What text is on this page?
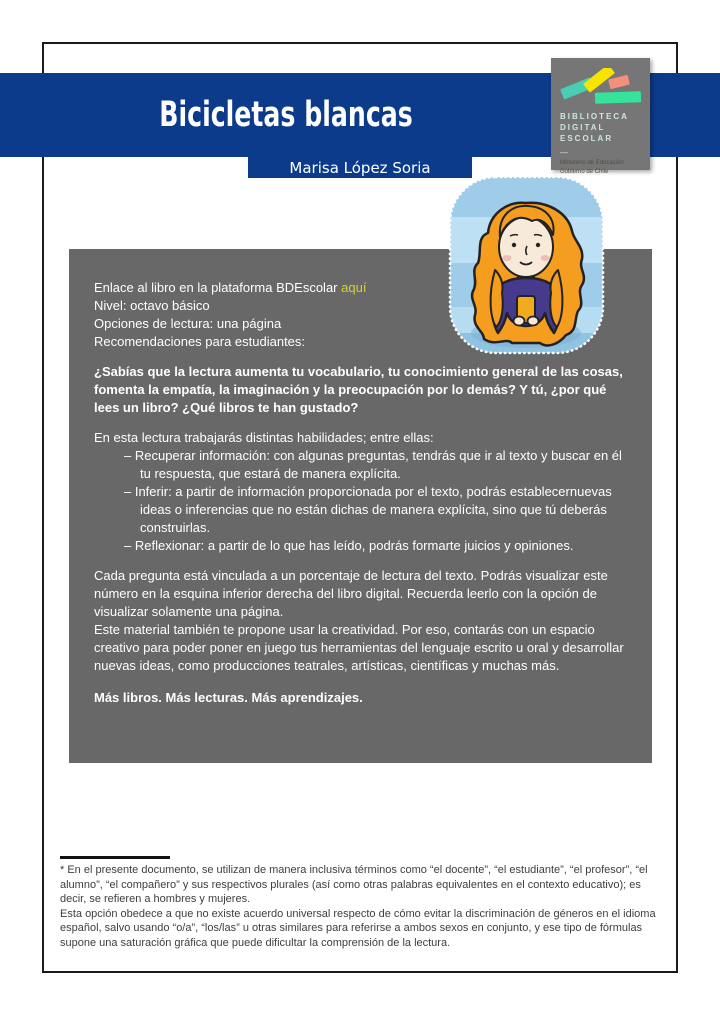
Bicicletas blancas
Marisa López Soria
BIBLIOTECA
DIGITAL
ESCOLAR
—
Ministerio de Educación
Gobierno de Chile
Enlace al libro en la plataforma BDEscolar aquí
Nivel: octavo básico
Opciones de lectura: una página
Recomendaciones para estudiantes:
¿Sabías que la lectura aumenta tu vocabulario, tu conocimiento general de las cosas, fomenta la empatía, la imaginación y la preocupación por lo demás? Y tú, ¿por qué lees un libro? ¿Qué libros te han gustado?
En esta lectura trabajarás distintas habilidades; entre ellas:
– Recuperar información: con algunas preguntas, tendrás que ir al texto y buscar en él tu respuesta, que estará de manera explícita.
– Inferir: a partir de información proporcionada por el texto, podrás establecernuevas ideas o inferencias que no están dichas de manera explícita, sino que tú deberás construirlas.
– Reflexionar: a partir de lo que has leído, podrás formarte juicios y opiniones.
Cada pregunta está vinculada a un porcentaje de lectura del texto. Podrás visualizar este número en la esquina inferior derecha del libro digital. Recuerda leerlo con la opción de visualizar solamente una página.
Este material también te propone usar la creatividad. Por eso, contarás con un espacio creativo para poder poner en juego tus herramientas del lenguaje escrito u oral y desarrollar nuevas ideas, como producciones teatrales, artísticas, científicas y muchas más.
Más libros. Más lecturas. Más aprendizajes.
* En el presente documento, se utilizan de manera inclusiva términos como “el docente”, “el estudiante”, “el profesor”, “el alumno”, “el compañero” y sus respectivos plurales (así como otras palabras equivalentes en el contexto educativo); es decir, se refieren a hombres y mujeres.
Esta opción obedece a que no existe acuerdo universal respecto de cómo evitar la discriminación de géneros en el idioma español, salvo usando “o/a”, “los/las” u otras similares para referirse a ambos sexos en conjunto, y ese tipo de fórmulas supone una saturación gráfica que puede dificultar la comprensión de la lectura.
